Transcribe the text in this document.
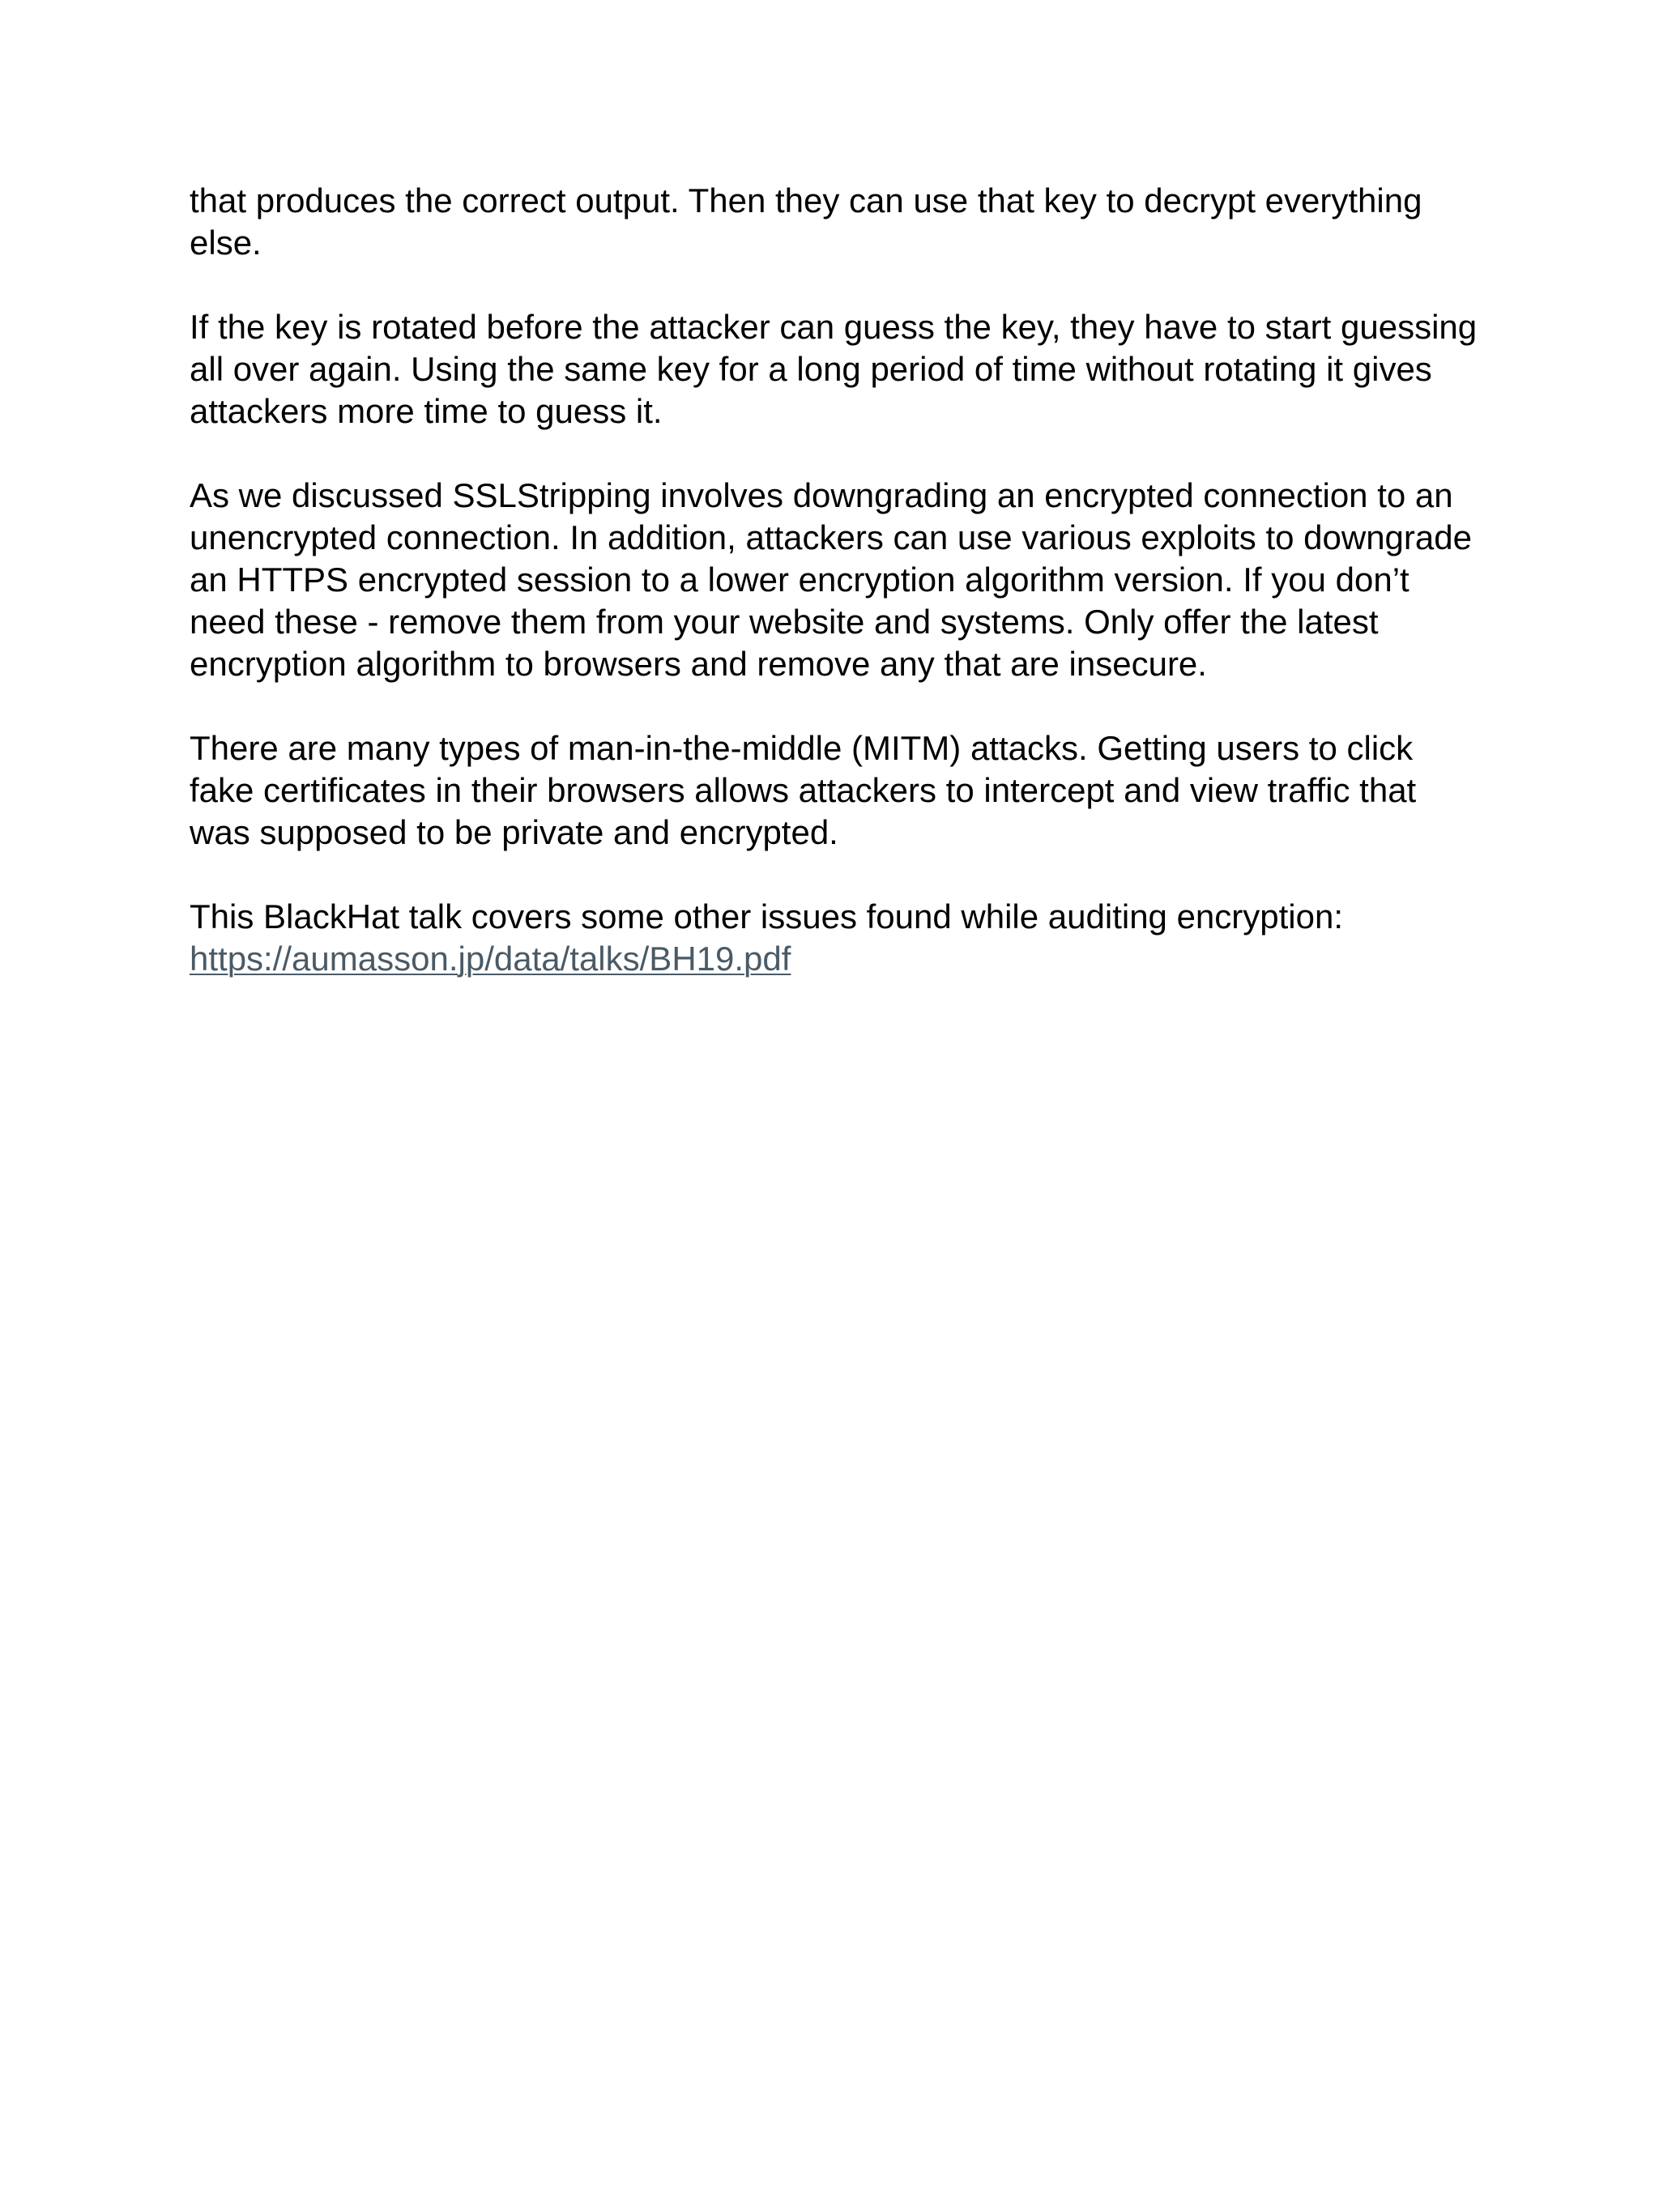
that produces the correct output. Then they can use that key to decrypt everything
else.

If the key is rotated before the attacker can guess the key, they have to start guessing
all over again. Using the same key for a long period of time without rotating it gives
attackers more time to guess it.

As we discussed SSLStripping involves downgrading an encrypted connection to an
unencrypted connection. In addition, attackers can use various exploits to downgrade
an HTTPS encrypted session to a lower encryption algorithm version. If you don’t
need these - remove them from your website and systems. Only offer the latest
encryption algorithm to browsers and remove any that are insecure.

There are many types of man-in-the-middle (MITM) attacks. Getting users to click
fake certificates in their browsers allows attackers to intercept and view traffic that
was supposed to be private and encrypted.

This BlackHat talk covers some other issues found while auditing encryption:
https://aumasson.jp/data/talks/BH19.pdf
